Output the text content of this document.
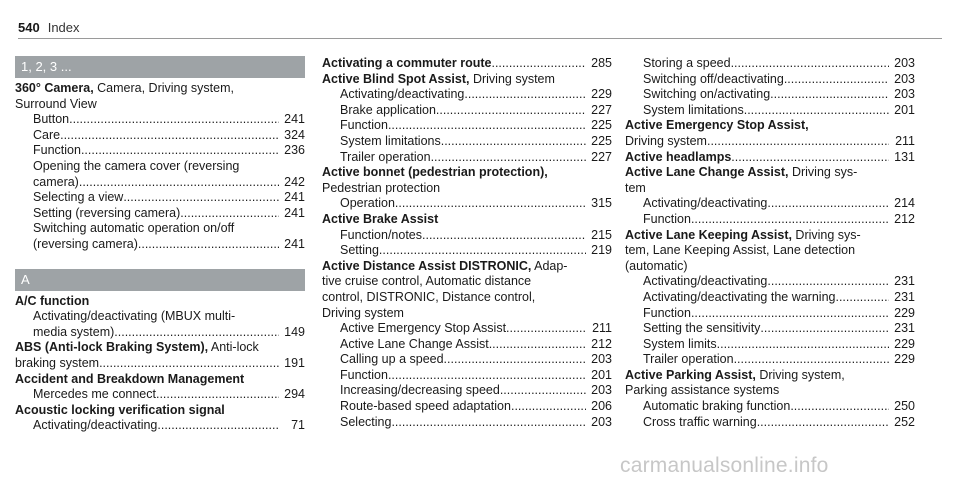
540 Index
1, 2, 3 ...
360° Camera, Camera, Driving system,
Surround View
Button .....	241
Care .....	324
Function .....	236
Opening the camera cover (reversing
camera) .....	242
Selecting a view .....	241
Setting (reversing camera) .....	241
Switching automatic operation on/off
(reversing camera) .....	241
A
A/C function
Activating/deactivating (MBUX multi-
media system) .....	149
ABS (Anti-lock Braking System), Anti-lock
braking system .....	191
Accident and Breakdown Management
Mercedes me connect .....	294
Acoustic locking verification signal
Activating/deactivating .....	71
Activating a commuter route .....	285
Active Blind Spot Assist, Driving system
Activating/deactivating .....	229
Brake application .....	227
Function .....	225
System limitations .....	225
Trailer operation .....	227
Active bonnet (pedestrian protection),
Pedestrian protection
Operation .....	315
Active Brake Assist
Function/notes .....	215
Setting .....	219
Active Distance Assist DISTRONIC, Adap-
tive cruise control, Automatic distance
control, DISTRONIC, Distance control,
Driving system
Active Emergency Stop Assist .....	211
Active Lane Change Assist .....	212
Calling up a speed .....	203
Function .....	201
Increasing/decreasing speed .....	203
Route-based speed adaptation .....	206
Selecting .....	203
Storing a speed .....	203
Switching off/deactivating .....	203
Switching on/activating .....	203
System limitations .....	201
Active Emergency Stop Assist,
Driving system .....	211
Active headlamps .....	131
Active Lane Change Assist, Driving sys-
tem
Activating/deactivating .....	214
Function .....	212
Active Lane Keeping Assist, Driving sys-
tem, Lane Keeping Assist, Lane detection
(automatic)
Activating/deactivating .....	231
Activating/deactivating the warning .....	231
Function .....	229
Setting the sensitivity .....	231
System limits .....	229
Trailer operation .....	229
Active Parking Assist, Driving system,
Parking assistance systems
Automatic braking function .....	250
Cross traffic warning .....	252
carmanualsonline.info
